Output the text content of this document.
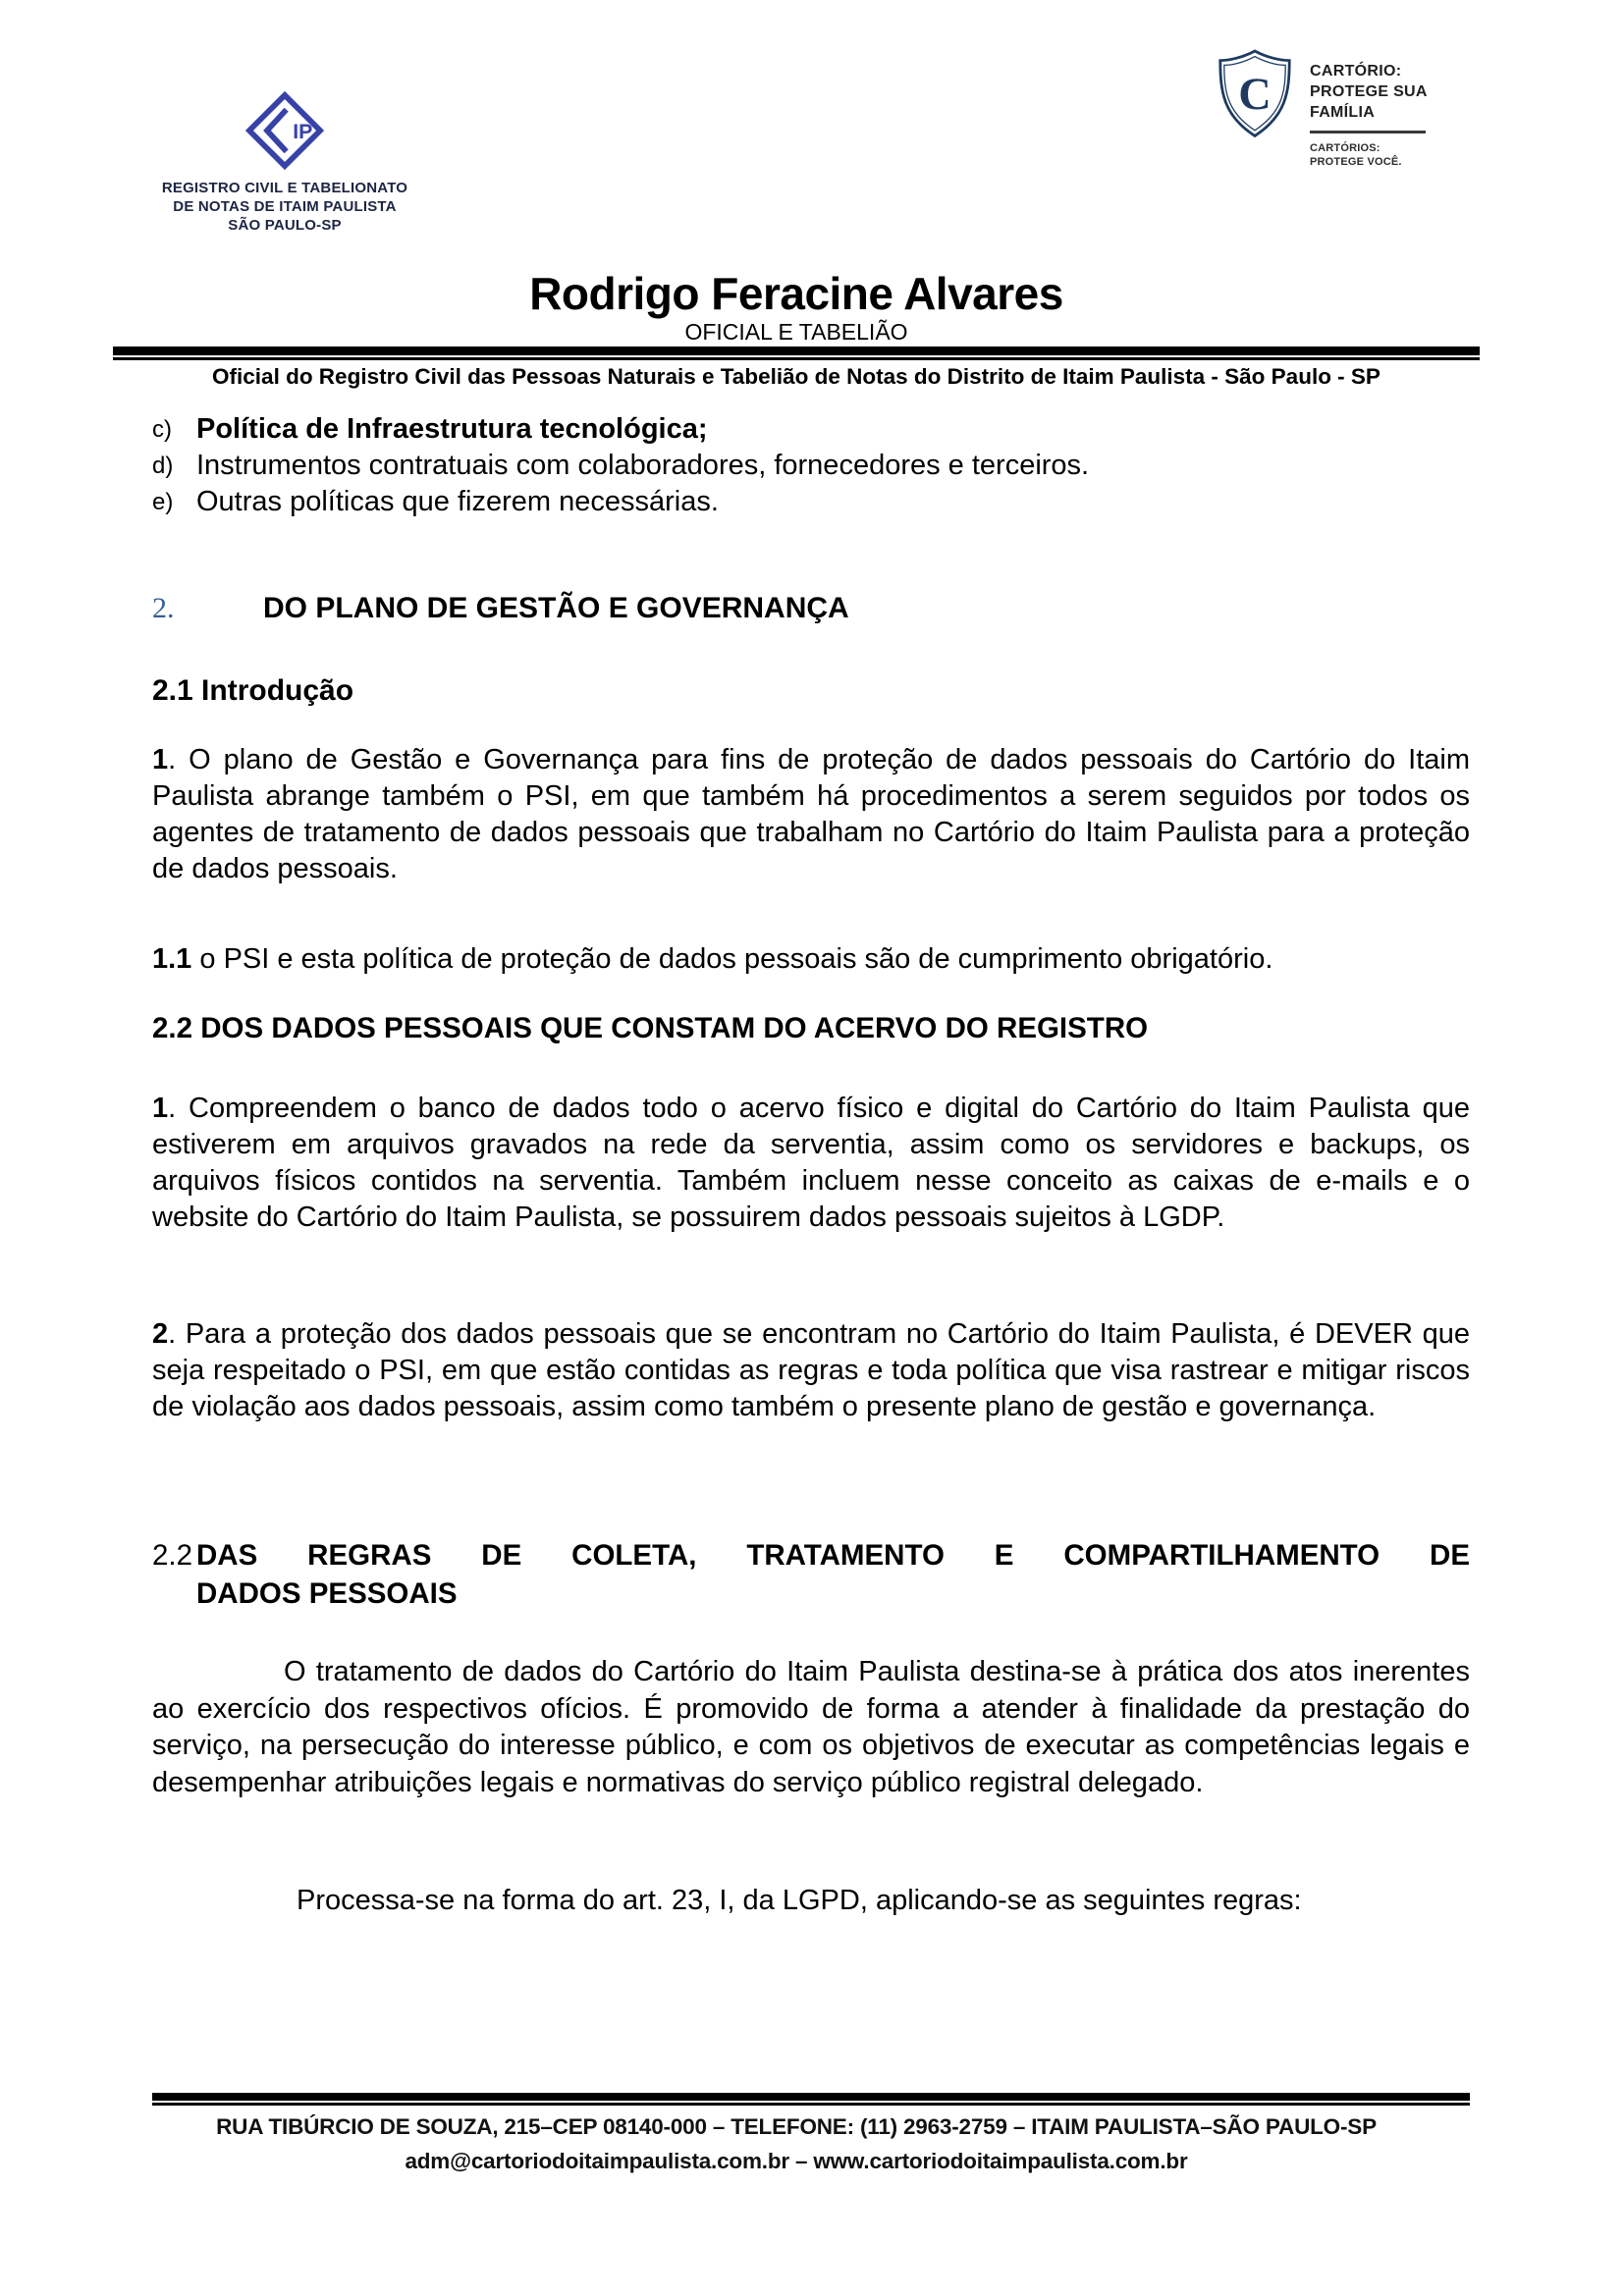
IP
REGISTRO CIVIL E TABELIONATO
DE NOTAS DE ITAIM PAULISTA
SÃO PAULO-SP
C CARTÓRIO:
PROTEGE SUA
FAMÍLIA
CARTÓRIOS:
PROTEGE VOCÊ.
Rodrigo Feracine Alvares
OFICIAL E TABELIÃO
Oficial do Registro Civil das Pessoas Naturais e Tabelião de Notas do Distrito de Itaim Paulista - São Paulo - SP
c) Política de Infraestrutura tecnológica;
d) Instrumentos contratuais com colaboradores, fornecedores e terceiros.
e) Outras políticas que fizerem necessárias.
2.	DO PLANO DE GESTÃO E GOVERNANÇA
2.1 Introdução
1. O plano de Gestão e Governança para fins de proteção de dados pessoais do Cartório do Itaim Paulista abrange também o PSI, em que também há procedimentos a serem seguidos por todos os agentes de tratamento de dados pessoais que trabalham no Cartório do Itaim Paulista para a proteção de dados pessoais.
1.1 o PSI e esta política de proteção de dados pessoais são de cumprimento obrigatório.
2.2 DOS DADOS PESSOAIS QUE CONSTAM DO ACERVO DO REGISTRO
1. Compreendem o banco de dados todo o acervo físico e digital do Cartório do Itaim Paulista que estiverem em arquivos gravados na rede da serventia, assim como os servidores e backups, os arquivos físicos contidos na serventia. Também incluem nesse conceito as caixas de e-mails e o website do Cartório do Itaim Paulista, se possuirem dados pessoais sujeitos à LGDP.
2. Para a proteção dos dados pessoais que se encontram no Cartório do Itaim Paulista, é DEVER que seja respeitado o PSI, em que estão contidas as regras e toda política que visa rastrear e mitigar riscos de violação aos dados pessoais, assim como também o presente plano de gestão e governança.
2.2 DAS REGRAS DE COLETA, TRATAMENTO E COMPARTILHAMENTO DE
DADOS PESSOAIS
O tratamento de dados do Cartório do Itaim Paulista destina-se à prática dos atos inerentes ao exercício dos respectivos ofícios. É promovido de forma a atender à finalidade da prestação do serviço, na persecução do interesse público, e com os objetivos de executar as competências legais e desempenhar atribuições legais e normativas do serviço público registral delegado.
Processa-se na forma do art. 23, I, da LGPD, aplicando-se as seguintes regras:
RUA TIBÚRCIO DE SOUZA, 215–CEP 08140-000 – TELEFONE: (11) 2963-2759 – ITAIM PAULISTA–SÃO PAULO-SP
adm@cartoriodoitaimpaulista.com.br – www.cartoriodoitaimpaulista.com.br
